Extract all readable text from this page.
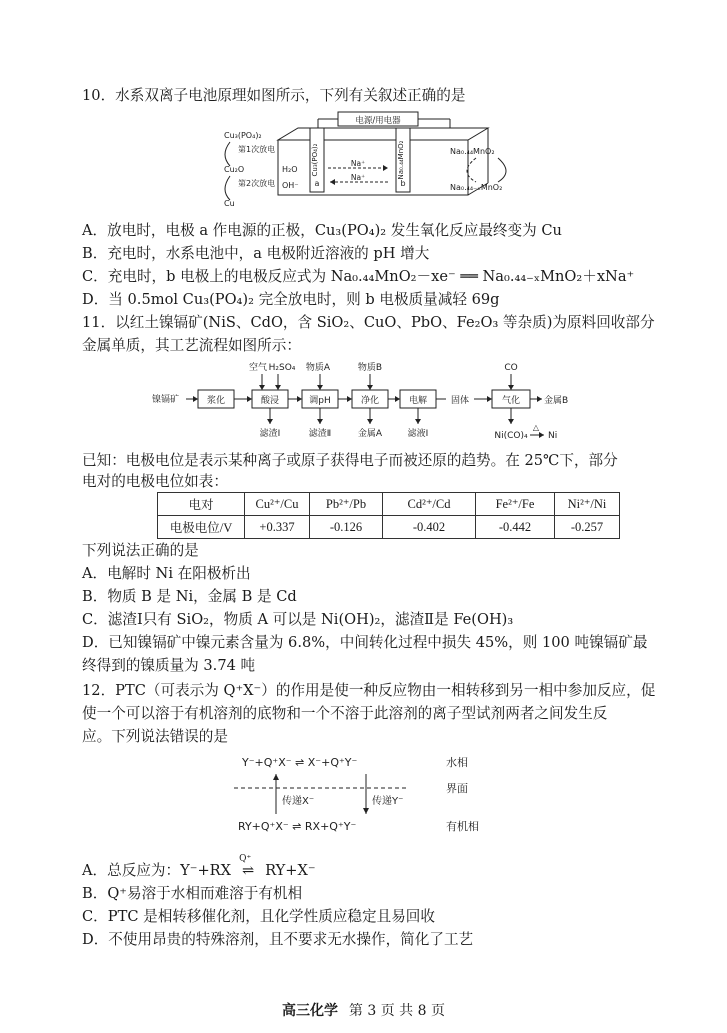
10．水系双离子电池原理如图所示，下列有关叙述正确的是
电源/用电器
Cu₃(PO₄)₂
a
Na₀.₄₄MnO₂
b
H₂O
OH⁻
Na⁺
Na⁺
Cu₃(PO₄)₂
第1次放电
Cu₂O
第2次放电
Cu
Na₀.₄₄MnO₂
Na₀.₄₄₋ₓMnO₂
A．放电时，电极 a 作电源的正极，Cu₃(PO₄)₂ 发生氧化反应最终变为 Cu
B．充电时，水系电池中，a 电极附近溶液的 pH 增大
C．充电时，b 电极上的电极反应式为 Na₀.₄₄MnO₂－xe⁻ ══ Na₀.₄₄₋ₓMnO₂＋xNa⁺
D．当 0.5mol Cu₃(PO₄)₂ 完全放电时，则 b 电极质量减轻 69g
11．以红土镍镉矿(NiS、CdO，含 SiO₂、CuO、PbO、Fe₂O₃ 等杂质)为原料回收部分
金属单质，其工艺流程如图所示：
镍镉矿	浆化	酸浸	调pH	净化	电解	固体	气化	金属B
空气 H₂SO₄ 物质A	物质B	CO
滤渣Ⅰ	滤渣Ⅱ	金属A	滤液Ⅰ	Ni(CO)₄
△
Ni
已知：电极电位是表示某种离子或原子获得电子而被还原的趋势。在 25℃下，部分
电对的电极电位如表：
电对	Cu²⁺/Cu	Pb²⁺/Pb	Cd²⁺/Cd	Fe²⁺/Fe	Ni²⁺/Ni
电极电位/V	+0.337	-0.126	-0.402	-0.442	-0.257
下列说法正确的是
A．电解时 Ni 在阳极析出
B．物质 B 是 Ni，金属 B 是 Cd
C．滤渣Ⅰ只有 SiO₂，物质 A 可以是 Ni(OH)₂，滤渣Ⅱ是 Fe(OH)₃
D．已知镍镉矿中镍元素含量为 6.8%，中间转化过程中损失 45%，则 100 吨镍镉矿最
终得到的镍质量为 3.74 吨
12．PTC（可表示为 Q⁺X⁻）的作用是使一种反应物由一相转移到另一相中参加反应，促
使一个可以溶于有机溶剂的底物和一个不溶于此溶剂的离子型试剂两者之间发生反
应。下列说法错误的是
Y⁻+Q⁺X⁻ ⇌ X⁻+Q⁺Y⁻	水相
界面
传递X⁻	传递Y⁻
RY+Q⁺X⁻ ⇌ RX+Q⁺Y⁻	有机相
A．总反应为：Y⁻+RX
Q⁺
⇌ RY+X⁻
B．Q⁺易溶于水相而难溶于有机相
C．PTC 是相转移催化剂，且化学性质应稳定且易回收
D．不使用昂贵的特殊溶剂，且不要求无水操作，简化了工艺
高三化学 第 3 页 共 8 页
